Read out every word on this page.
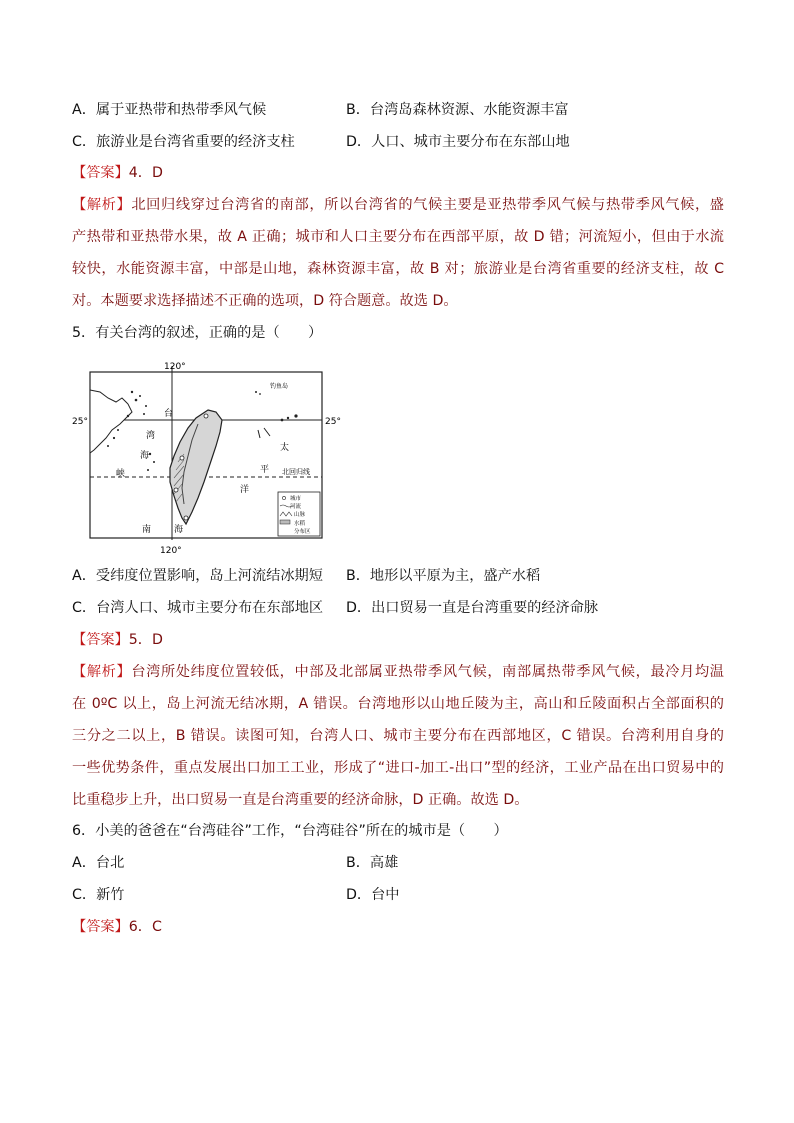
A．属于亚热带和热带季风气候	B．台湾岛森林资源、水能资源丰富
C．旅游业是台湾省重要的经济支柱	D．人口、城市主要分布在东部山地
【答案】4．D
【解析】北回归线穿过台湾省的南部，所以台湾省的气候主要是亚热带季风气候与热带季风气候，盛
产热带和亚热带水果，故 A 正确；城市和人口主要分布在西部平原，故 D 错；河流短小，但由于水流
较快，水能资源丰富，中部是山地，森林资源丰富，故 B 对；旅游业是台湾省重要的经济支柱，故 C
对。本题要求选择描述不正确的选项，D 符合题意。故选 D。
5．有关台湾的叙述，正确的是（　　）
120°
120°
25°	25°
台
湾
海
峡
太
平
洋
南	海
北回归线
钓鱼岛
城市
河流
山脉
水稻
分布区
A．受纬度位置影响，岛上河流结冰期短 B．地形以平原为主，盛产水稻
C．台湾人口、城市主要分布在东部地区 D．出口贸易一直是台湾重要的经济命脉
【答案】5．D
【解析】台湾所处纬度位置较低，中部及北部属亚热带季风气候，南部属热带季风气候，最冷月均温
在 0ºC 以上，岛上河流无结冰期，A 错误。台湾地形以山地丘陵为主，高山和丘陵面积占全部面积的
三分之二以上，B 错误。读图可知，台湾人口、城市主要分布在西部地区，C 错误。台湾利用自身的
一些优势条件，重点发展出口加工工业，形成了“进口-加工-出口”型的经济，工业产品在出口贸易中的
比重稳步上升，出口贸易一直是台湾重要的经济命脉，D 正确。故选 D。
6．小美的爸爸在“台湾硅谷”工作，“台湾硅谷”所在的城市是（　　）
A．台北	B．高雄
C．新竹	D．台中
【答案】6．C
